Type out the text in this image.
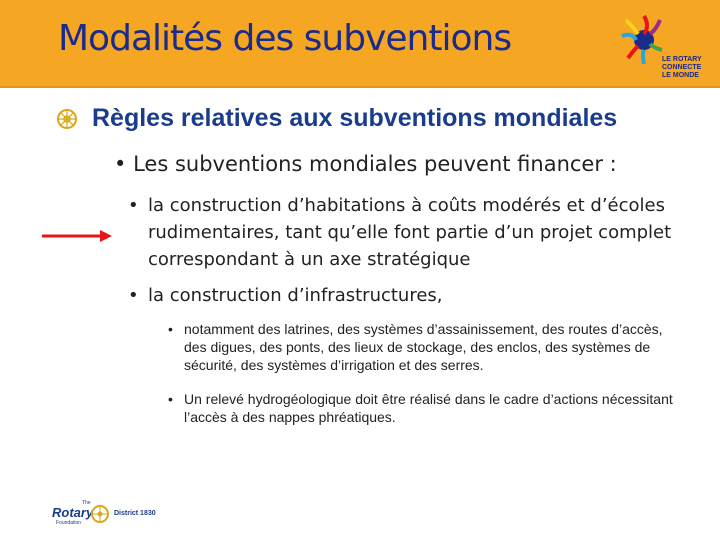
Modalités des subventions
LE ROTARY
CONNECTE
LE MONDE
Règles relatives aux subventions mondiales
• Les subventions mondiales peuvent financer :
• la construction d’habitations à coûts modérés et d’écoles rudimentaires, tant qu’elle font partie d’un projet complet correspondant à un axe stratégique
• la construction d’infrastructures,
• notamment des latrines, des systèmes d’assainissement, des routes d’accès, des digues, des ponts, des lieux de stockage, des enclos, des systèmes de sécurité, des systèmes d’irrigation et des serres.
• Un relevé hydrogéologique doit être réalisé dans le cadre d’actions nécessitant l’accès à des nappes phréatiques.
The
Rotary
Foundation
District 1830
